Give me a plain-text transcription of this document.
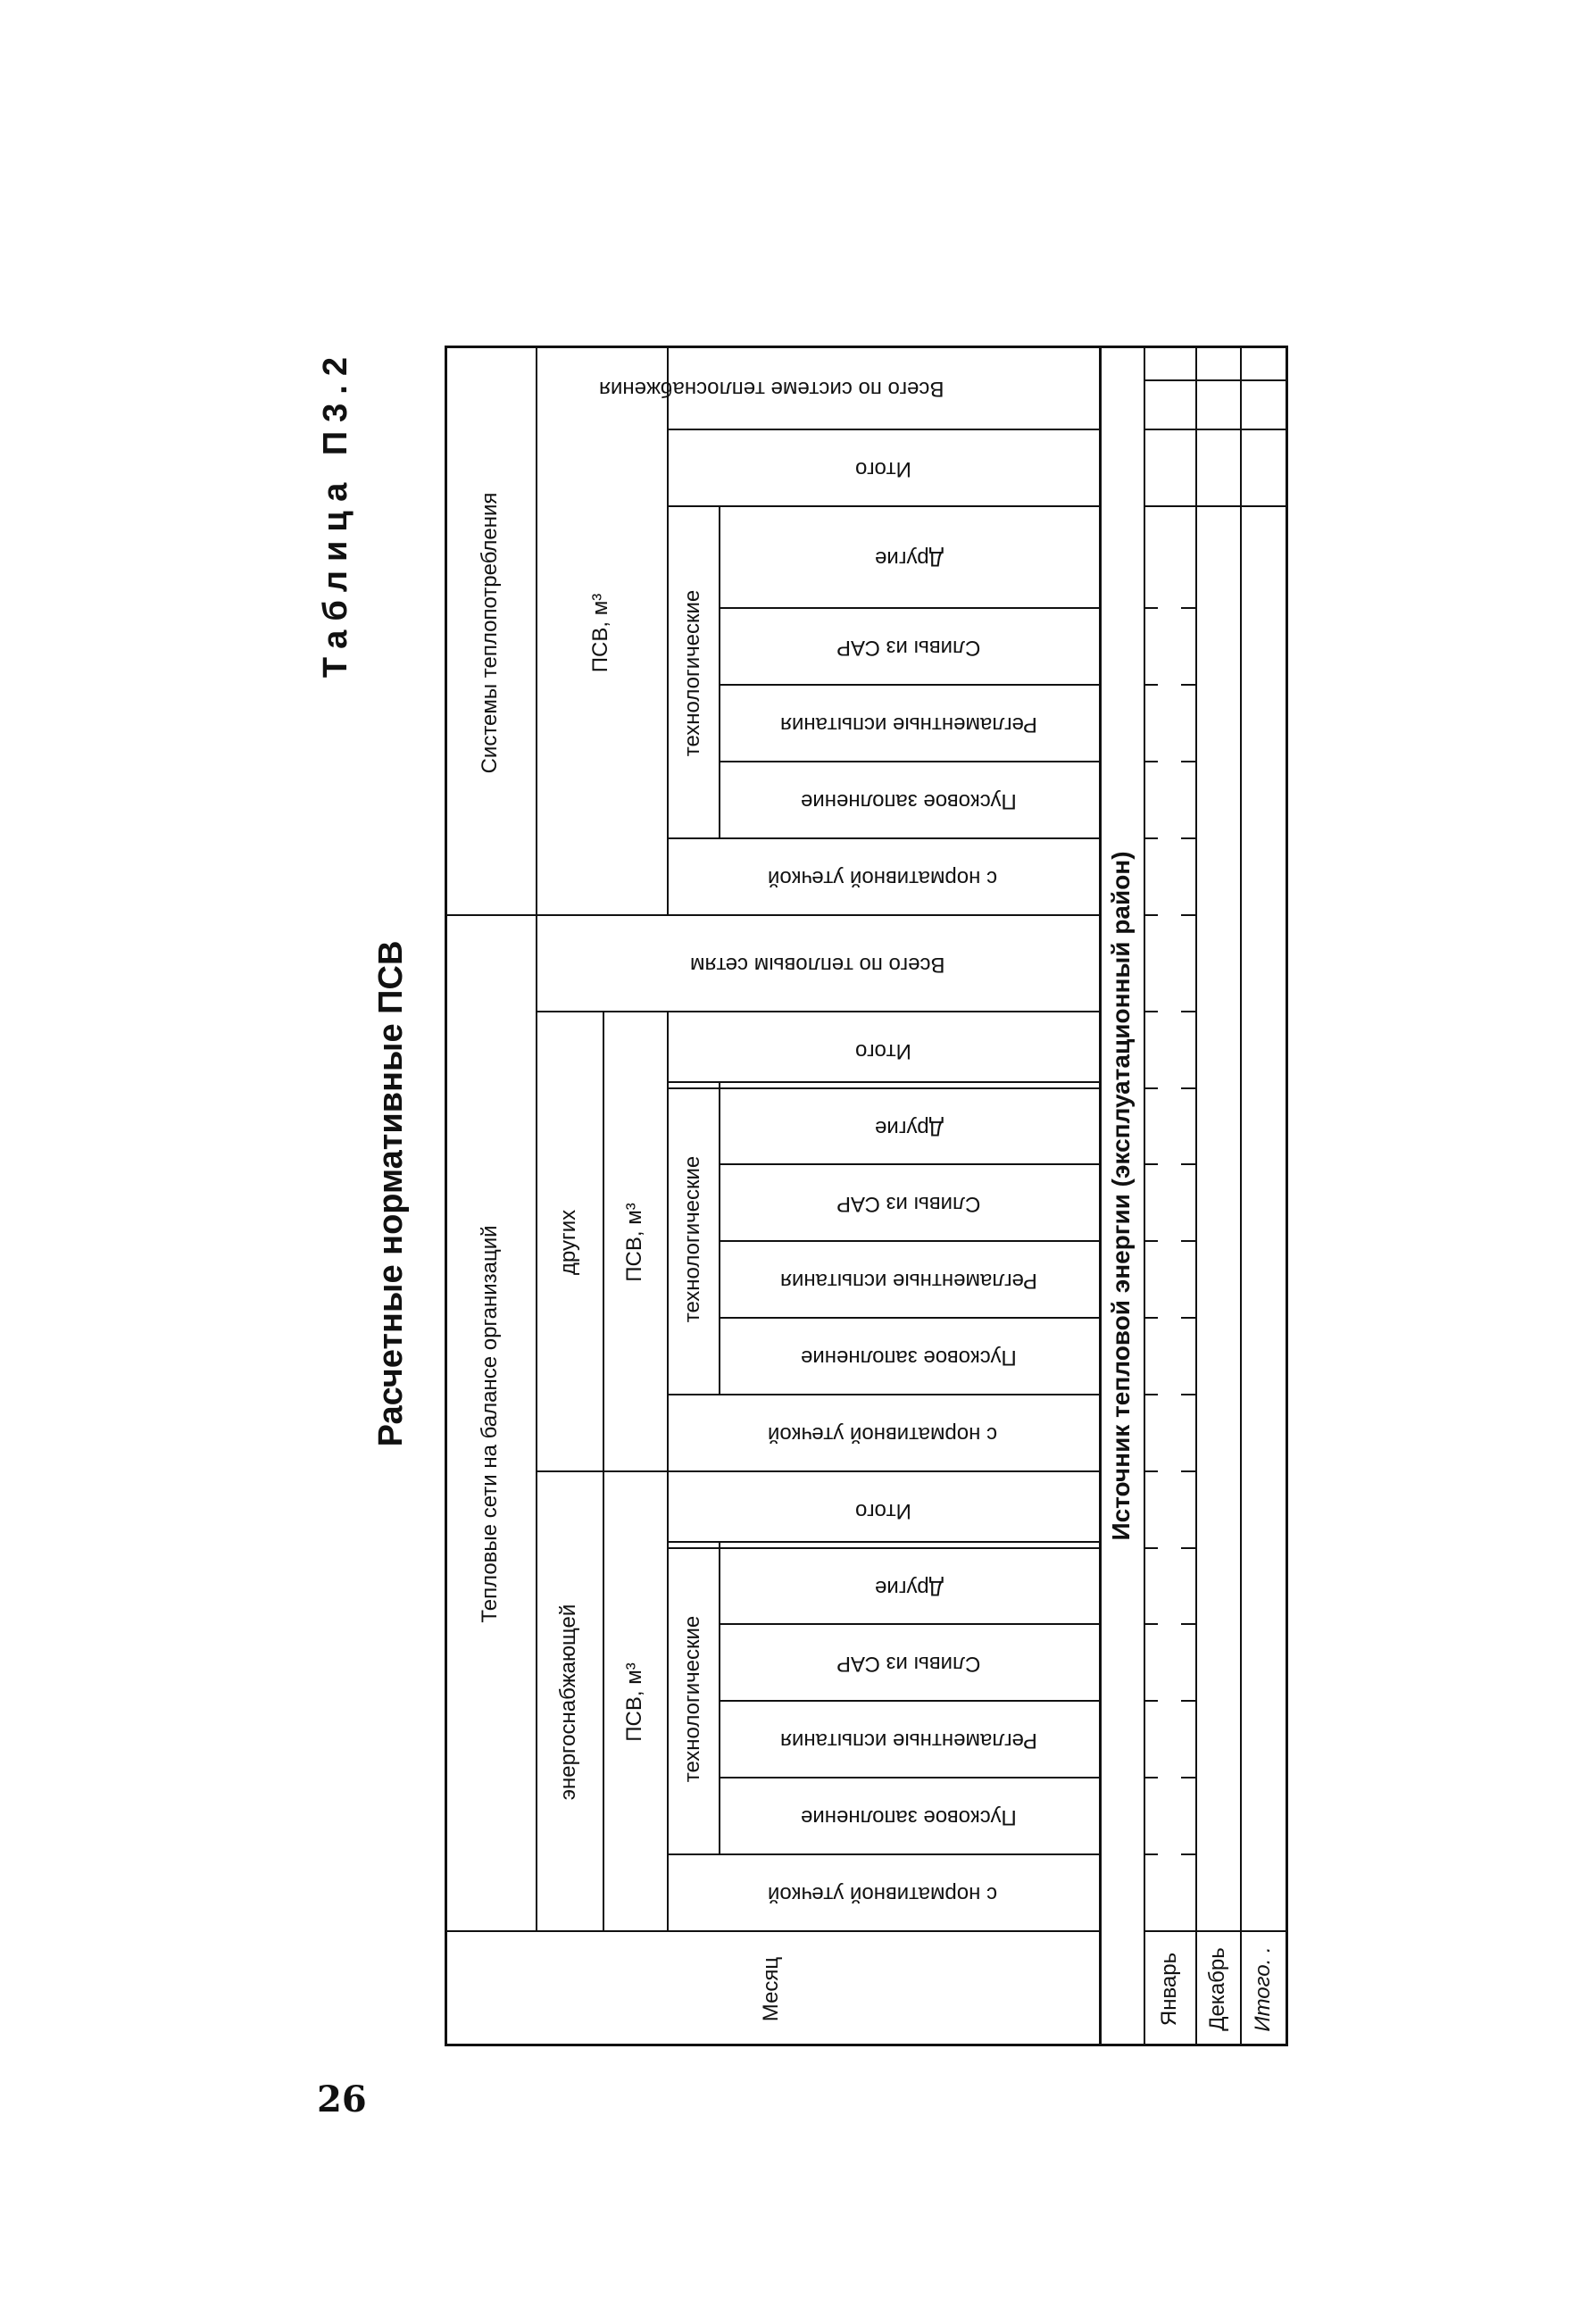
26
Таблица П3.2
Расчетные нормативные ПСВ
Месяц
Тепловые сети на балансе организаций
Системы теплопотребления
энергоснабжающей
других
ПСВ, м³
ПСВ, м³
ПСВ, м³
технологические
технологические
технологические
с нормативной утечкой
Пусковое заполнение
Регламентные испытания
Сливы из САР
Другие
Итого
с нормативной утечкой
Пусковое заполнение
Регламентные испытания
Сливы из САР
Другие
Итого
Всего по тепловым сетям
с нормативной утечкой
Пусковое заполнение
Регламентные испытания
Сливы из САР
Другие
Итого
Всего по системе теплоснабжения
Источник тепловой энергии (эксплуатационный район)
Январь	Декабрь	Итого. .
